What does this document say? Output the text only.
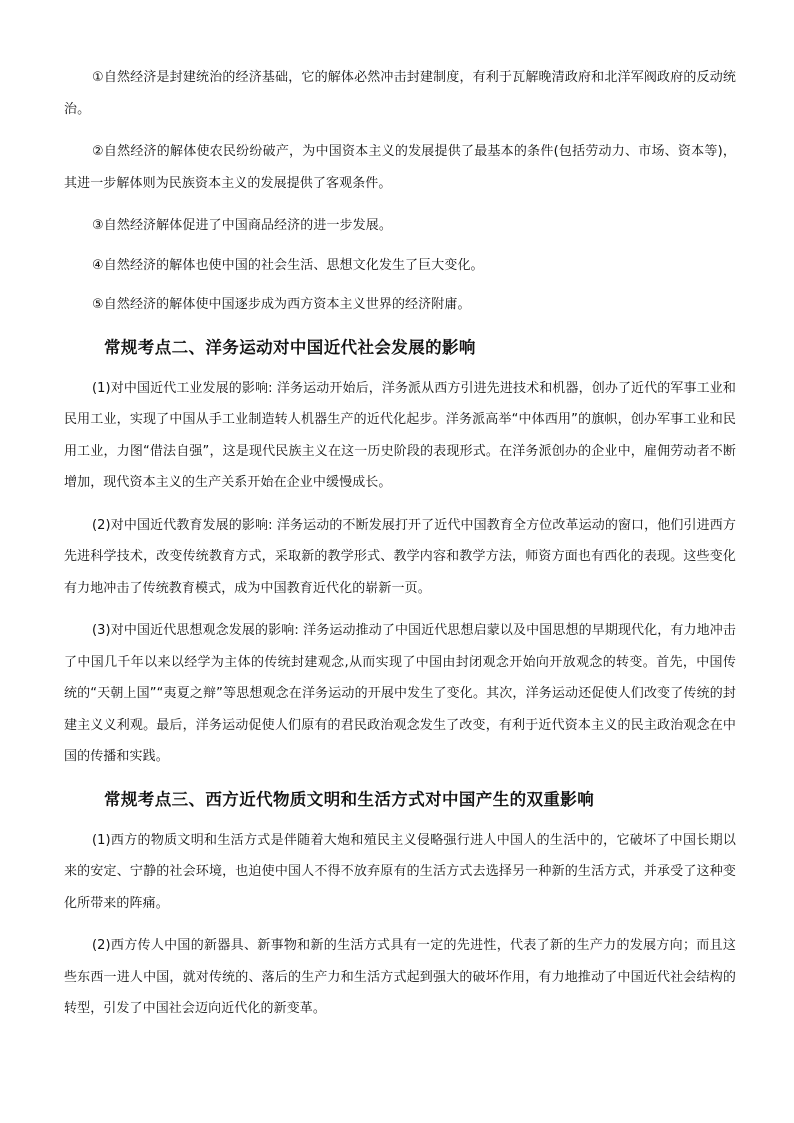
①自然经济是封建统治的经济基础，它的解体必然冲击封建制度，有利于瓦解晚清政府和北洋军阀政府的反动统治。

②自然经济的解体使农民纷纷破产，为中国资本主义的发展提供了最基本的条件(包括劳动力、市场、资本等)，其进一步解体则为民族资本主义的发展提供了客观条件。

③自然经济解体促进了中国商品经济的进一步发展。

④自然经济的解体也使中国的社会生活、思想文化发生了巨大变化。

⑤自然经济的解体使中国逐步成为西方资本主义世界的经济附庸。

常规考点二、洋务运动对中国近代社会发展的影响

(1)对中国近代工业发展的影响: 洋务运动开始后，洋务派从西方引进先进技术和机器，创办了近代的军事工业和民用工业，实现了中国从手工业制造转人机器生产的近代化起步。洋务派高举“中体西用”的旗帜，创办军事工业和民用工业，力图“借法自强”，这是现代民族主义在这一历史阶段的表现形式。在洋务派创办的企业中，雇佣劳动者不断增加，现代资本主义的生产关系开始在企业中缓慢成长。

(2)对中国近代教育发展的影响: 洋务运动的不断发展打开了近代中国教育全方位改革运动的窗口，他们引进西方先进科学技术，改变传统教育方式，采取新的教学形式、教学内容和教学方法，师资方面也有西化的表现。这些变化有力地冲击了传统教育模式，成为中国教育近代化的崭新一页。

(3)对中国近代思想观念发展的影响: 洋务运动推动了中国近代思想启蒙以及中国思想的早期现代化，有力地冲击了中国几千年以来以经学为主体的传统封建观念,从而实现了中国由封闭观念开始向开放观念的转变。首先，中国传统的“天朝上国”“夷夏之辩”等思想观念在洋务运动的开展中发生了变化。其次，洋务运动还促使人们改变了传统的封建主义义利观。最后，洋务运动促使人们原有的君民政治观念发生了改变，有利于近代资本主义的民主政治观念在中国的传播和实践。

常规考点三、西方近代物质文明和生活方式对中国产生的双重影响

(1)西方的物质文明和生活方式是伴随着大炮和殖民主义侵略强行进人中国人的生活中的，它破坏了中国长期以来的安定、宁静的社会环境，也迫使中国人不得不放弃原有的生活方式去选择另一种新的生活方式，并承受了这种变化所带来的阵痛。

(2)西方传人中国的新器具、新事物和新的生活方式具有一定的先进性，代表了新的生产力的发展方向；而且这些东西一进人中国，就对传统的、落后的生产力和生活方式起到强大的破坏作用，有力地推动了中国近代社会结构的转型，引发了中国社会迈向近代化的新变革。
